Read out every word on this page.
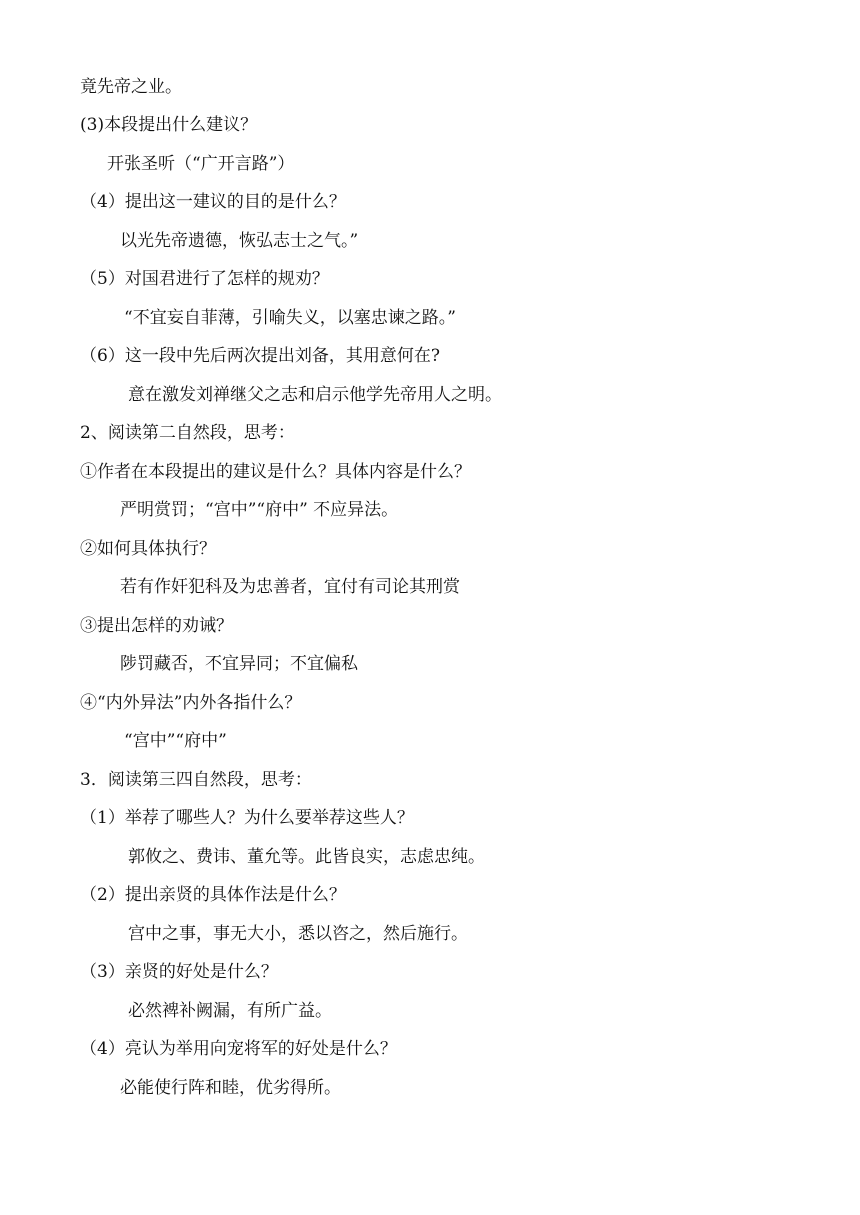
竟先帝之业。
(3)本段提出什么建议？
开张圣听（“广开言路”）
（4）提出这一建议的目的是什么？
以光先帝遗德，恢弘志士之气。”
（5）对国君进行了怎样的规劝？
“不宜妄自菲薄，引喻失义，以塞忠谏之路。”
（6）这一段中先后两次提出刘备，其用意何在?
意在激发刘禅继父之志和启示他学先帝用人之明。
2、阅读第二自然段，思考：
①作者在本段提出的建议是什么？具体内容是什么？
严明赏罚；“宫中”“府中” 不应异法。
②如何具体执行？
若有作奸犯科及为忠善者，宜付有司论其刑赏
③提出怎样的劝诫？
陟罚藏否，不宜异同；不宜偏私
④“内外异法”内外各指什么？
“宫中”“府中”
3．阅读第三四自然段，思考：
（1）举荐了哪些人？为什么要举荐这些人？
郭攸之、费讳、董允等。此皆良实，志虑忠纯。
（2）提出亲贤的具体作法是什么？
宫中之事，事无大小，悉以咨之，然后施行。
（3）亲贤的好处是什么？
必然裨补阙漏，有所广益。
（4）亮认为举用向宠将军的好处是什么？
必能使行阵和睦，优劣得所。
